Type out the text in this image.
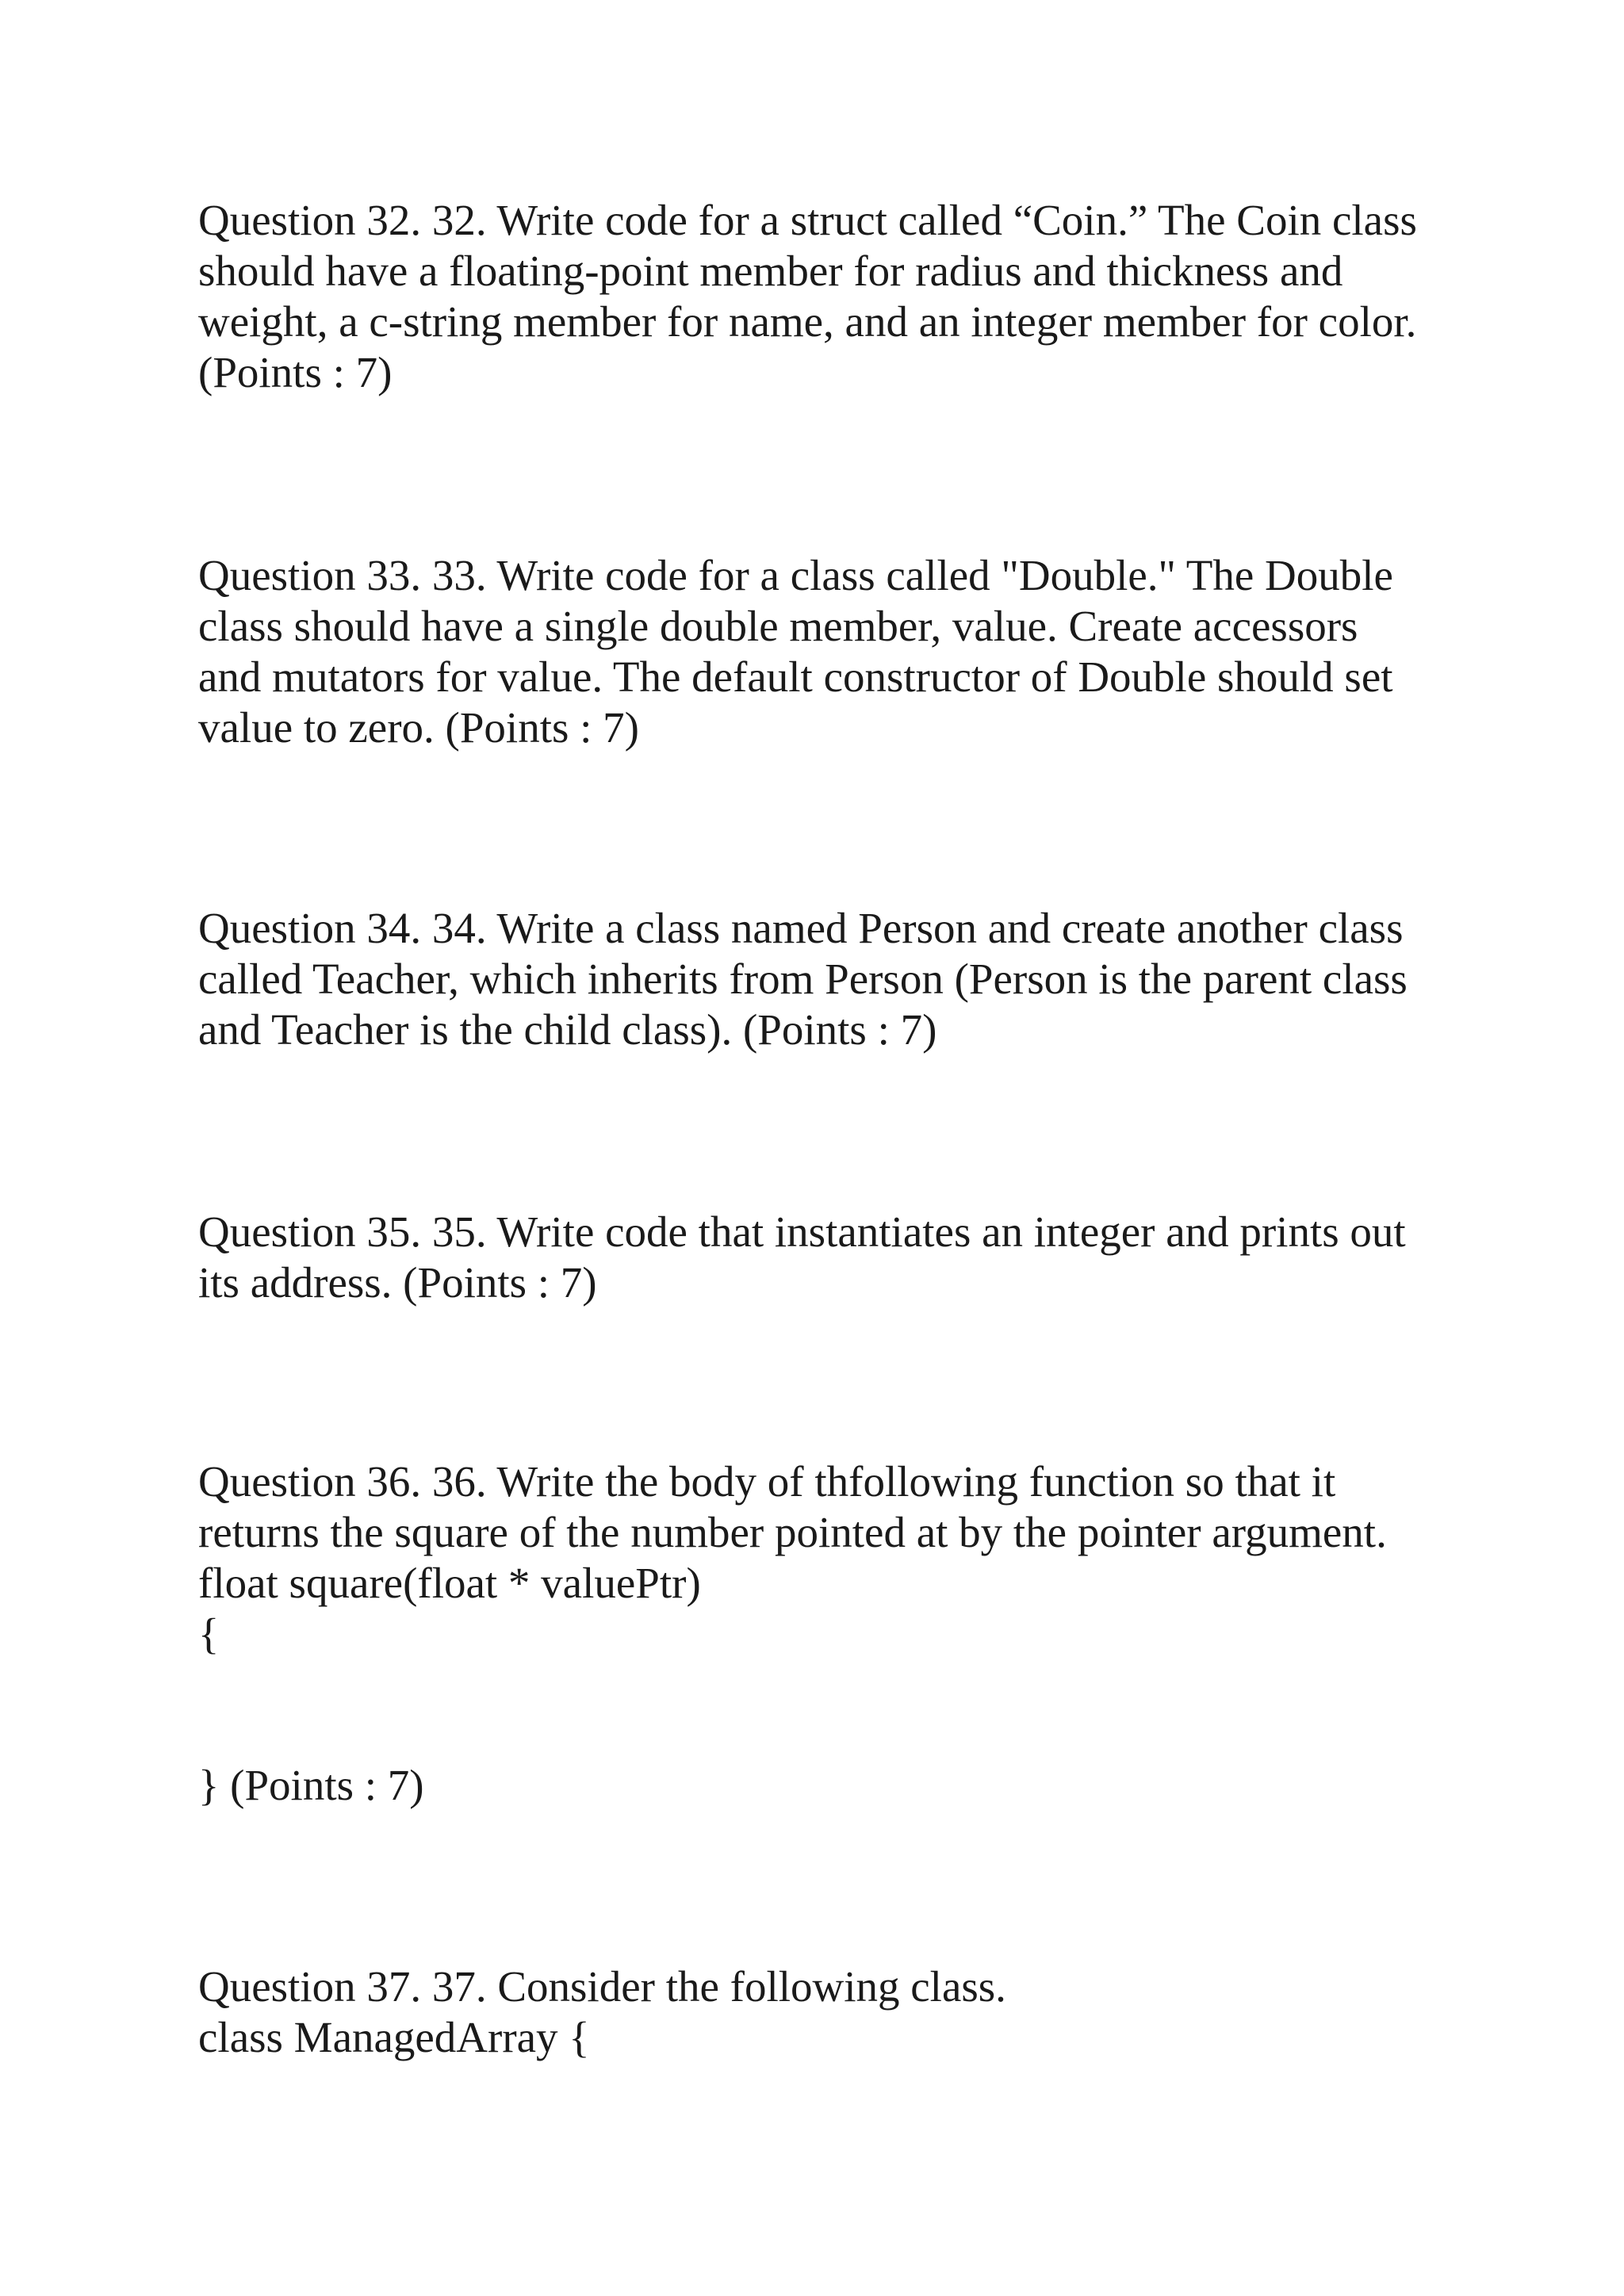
Question 32. 32. Write code for a struct called “Coin.” The Coin class
should have a floating-point member for radius and thickness and
weight, a c-string member for name, and an integer member for color.
(Points : 7)
Question 33. 33. Write code for a class called "Double." The Double
class should have a single double member, value. Create accessors
and mutators for value. The default constructor of Double should set
value to zero. (Points : 7)
Question 34. 34. Write a class named Person and create another class
called Teacher, which inherits from Person (Person is the parent class
and Teacher is the child class). (Points : 7)
Question 35. 35. Write code that instantiates an integer and prints out
its address. (Points : 7)
Question 36. 36. Write the body of thfollowing function so that it
returns the square of the number pointed at by the pointer argument.
float square(float * valuePtr)
{
} (Points : 7)
Question 37. 37. Consider the following class.
class ManagedArray {
